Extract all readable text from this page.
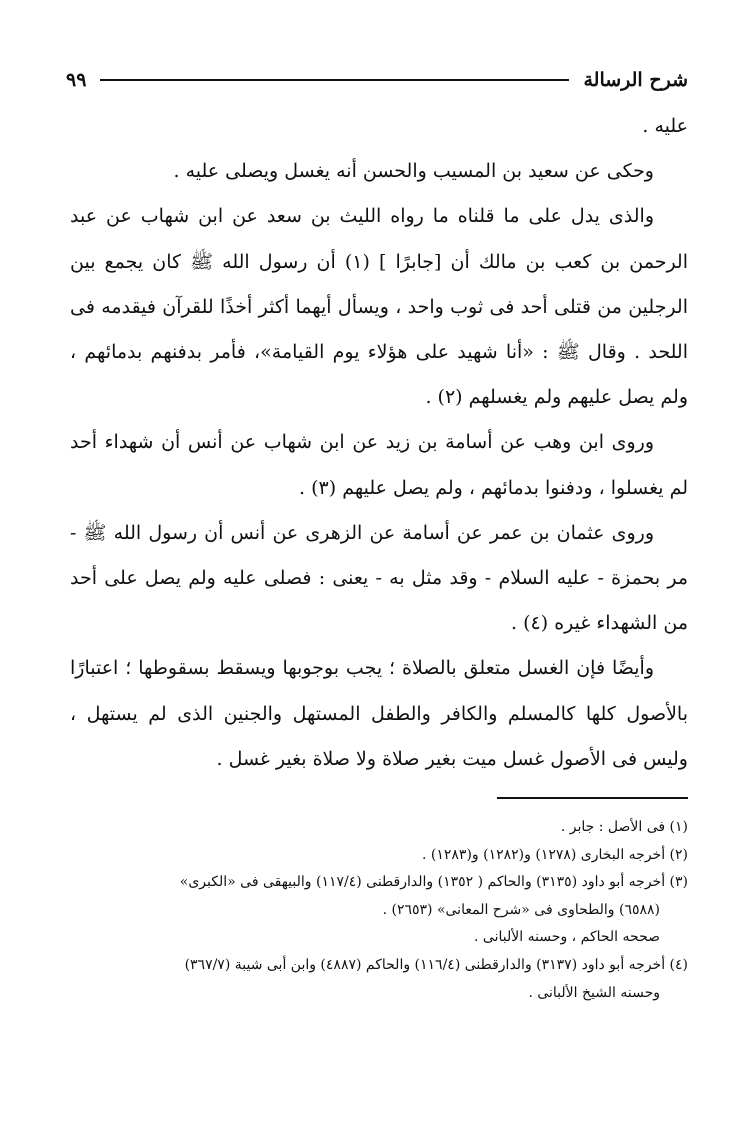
شرح الرسالة
٩٩

عليه .

وحكى عن سعيد بن المسيب والحسن أنه يغسل ويصلى عليه .

والذى يدل على ما قلناه ما رواه الليث بن سعد عن ابن شهاب عن عبد الرحمن بن كعب بن مالك أن [جابرًا ] (١) أن رسول الله ﷺ كان يجمع بين الرجلين من قتلى أحد فى ثوب واحد ، ويسأل أيهما أكثر أخذًا للقرآن فيقدمه فى اللحد . وقال ﷺ : «أنا شهيد على هؤلاء يوم القيامة»، فأمر بدفنهم بدمائهم ، ولم يصل عليهم ولم يغسلهم (٢) .

وروى ابن وهب عن أسامة بن زيد عن ابن شهاب عن أنس أن شهداء أحد لم يغسلوا ، ودفنوا بدمائهم ، ولم يصل عليهم (٣) .

وروى عثمان بن عمر عن أسامة عن الزهرى عن أنس أن رسول الله ﷺ - مر بحمزة - عليه السلام - وقد مثل به - يعنى : فصلى عليه ولم يصل على أحد من الشهداء غيره (٤) .

وأيضًا فإن الغسل متعلق بالصلاة ؛ يجب بوجوبها ويسقط بسقوطها ؛ اعتبارًا بالأصول كلها كالمسلم والكافر والطفل المستهل والجنين الذى لم يستهل ، وليس فى الأصول غسل ميت بغير صلاة ولا صلاة بغير غسل .

(١) فى الأصل : جابر .

(٢) أخرجه البخارى (١٢٧٨) و(١٢٨٢) و(١٢٨٣) .

(٣) أخرجه أبو داود (٣١٣٥) والحاكم ( ١٣٥٢) والدارقطنى (١١٧/٤) والبيهقى فى «الكبرى»

(٦٥٨٨) والطحاوى فى «شرح المعانى» (٢٦٥٣) .

صححه الحاكم ، وحسنه الألبانى .

(٤) أخرجه أبو داود (٣١٣٧) والدارقطنى (١١٦/٤) والحاكم (٤٨٨٧) وابن أبى شيبة (٣٦٧/٧)

وحسنه الشيخ الألبانى .
